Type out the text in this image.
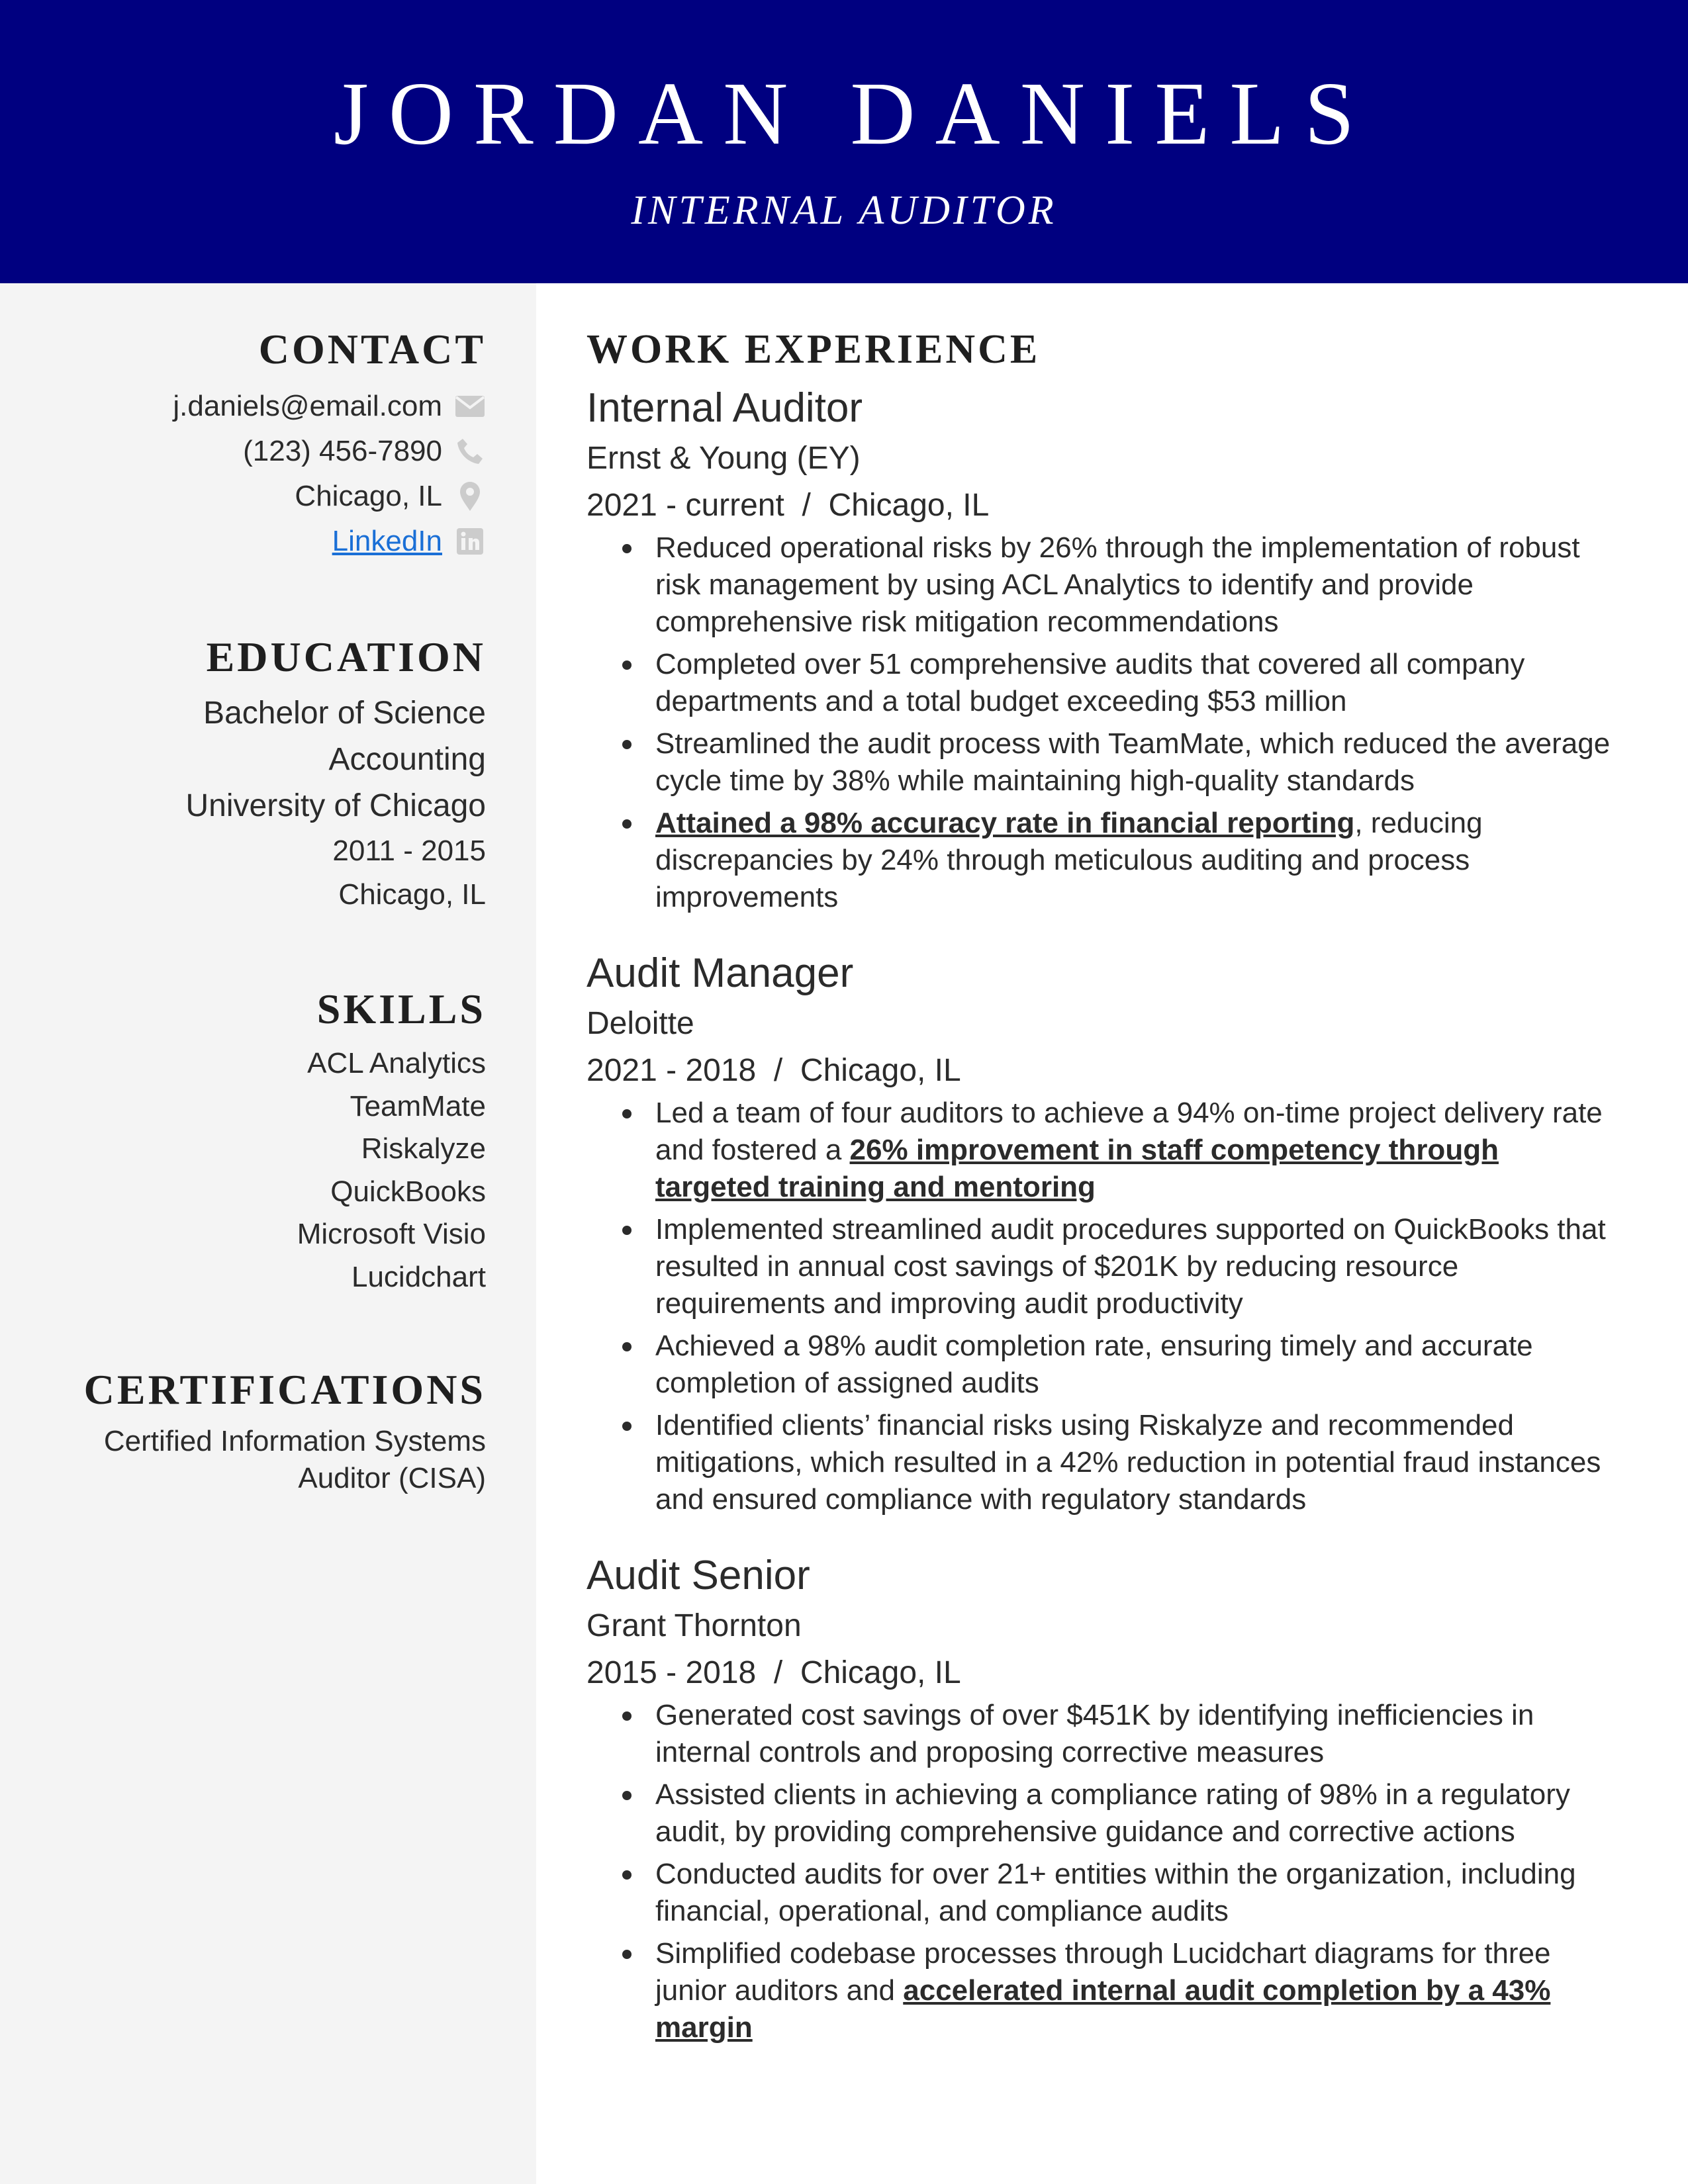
JORDAN DANIELS
INTERNAL AUDITOR
CONTACT
j.daniels@email.com
(123) 456-7890
Chicago, IL
LinkedIn
EDUCATION
Bachelor of Science
Accounting
University of Chicago
2011 - 2015
Chicago, IL
SKILLS
ACL Analytics
TeamMate
Riskalyze
QuickBooks
Microsoft Visio
Lucidchart
CERTIFICATIONS
Certified Information Systems
Auditor (CISA)
WORK EXPERIENCE
Internal Auditor
Ernst & Young (EY)
2021 - current  /  Chicago, IL
Reduced operational risks by 26% through the implementation of robust risk management by using ACL Analytics to identify and provide comprehensive risk mitigation recommendations
Completed over 51 comprehensive audits that covered all company departments and a total budget exceeding $53 million
Streamlined the audit process with TeamMate, which reduced the average cycle time by 38% while maintaining high-quality standards
Attained a 98% accuracy rate in financial reporting, reducing discrepancies by 24% through meticulous auditing and process improvements
Audit Manager
Deloitte
2021 - 2018  /  Chicago, IL
Led a team of four auditors to achieve a 94% on-time project delivery rate and fostered a 26% improvement in staff competency through targeted training and mentoring
Implemented streamlined audit procedures supported on QuickBooks that resulted in annual cost savings of $201K by reducing resource requirements and improving audit productivity
Achieved a 98% audit completion rate, ensuring timely and accurate completion of assigned audits
Identified clients’ financial risks using Riskalyze and recommended mitigations, which resulted in a 42% reduction in potential fraud instances and ensured compliance with regulatory standards
Audit Senior
Grant Thornton
2015 - 2018  /  Chicago, IL
Generated cost savings of over $451K by identifying inefficiencies in internal controls and proposing corrective measures
Assisted clients in achieving a compliance rating of 98% in a regulatory audit, by providing comprehensive guidance and corrective actions
Conducted audits for over 21+ entities within the organization, including financial, operational, and compliance audits
Simplified codebase processes through Lucidchart diagrams for three junior auditors and accelerated internal audit completion by a 43% margin
